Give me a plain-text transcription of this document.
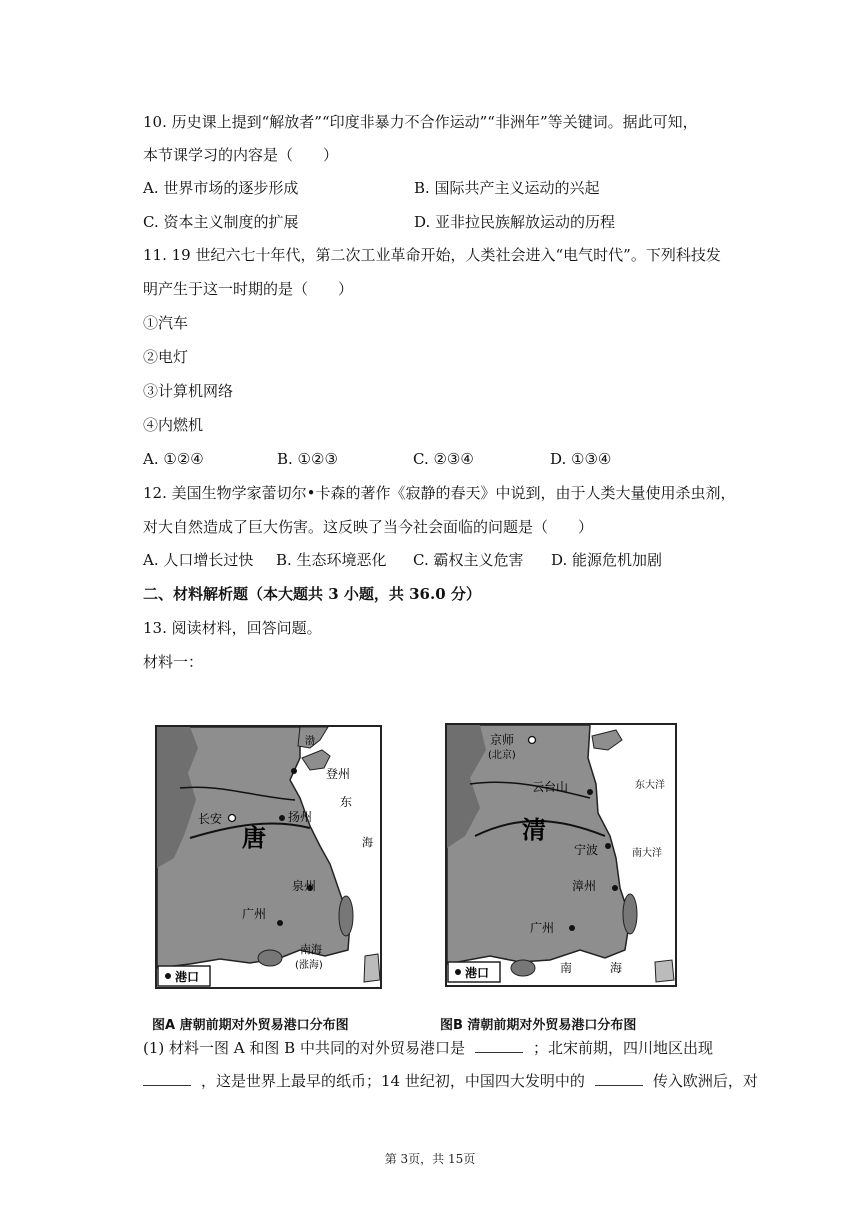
10. 历史课上提到“解放者”“印度非暴力不合作运动”“非洲年”等关键词。据此可知，
本节课学习的内容是（　　）
A. 世界市场的逐步形成	B. 国际共产主义运动的兴起
C. 资本主义制度的扩展	D. 亚非拉民族解放运动的历程
11. 19 世纪六七十年代，第二次工业革命开始，人类社会进入“电气时代”。下列科技发
明产生于这一时期的是（　　）
①汽车
②电灯
③计算机网络
④内燃机
A. ①②④	B. ①②③	C. ②③④	D. ①③④
12. 美国生物学家蕾切尔•卡森的著作《寂静的春天》中说到，由于人类大量使用杀虫剂，
对大自然造成了巨大伤害。这反映了当今社会面临的问题是（　　）
A. 人口增长过快 B. 生态环境恶化 C. 霸权主义危害 D. 能源危机加剧
二、材料解析题（本大题共 3 小题，共 36.0 分）
13. 阅读材料，回答问题。
材料一：
渤
长安
唐
扬州
登州
东
海
泉州
广州
南海
(涨海)
港口
图A 唐朝前期对外贸易港口分布图
京师
(北京)
云台山
清
宁波
漳州
广州
东大洋
南大洋
南	海
港口
图B 清朝前期对外贸易港口分布图
(1) 材料一图 A 和图 B 中共同的对外贸易港口是	；北宋前期，四川地区出现
，这是世界上最早的纸币；14 世纪初，中国四大发明中的	传入欧洲后，对
第 3页，共 15页
